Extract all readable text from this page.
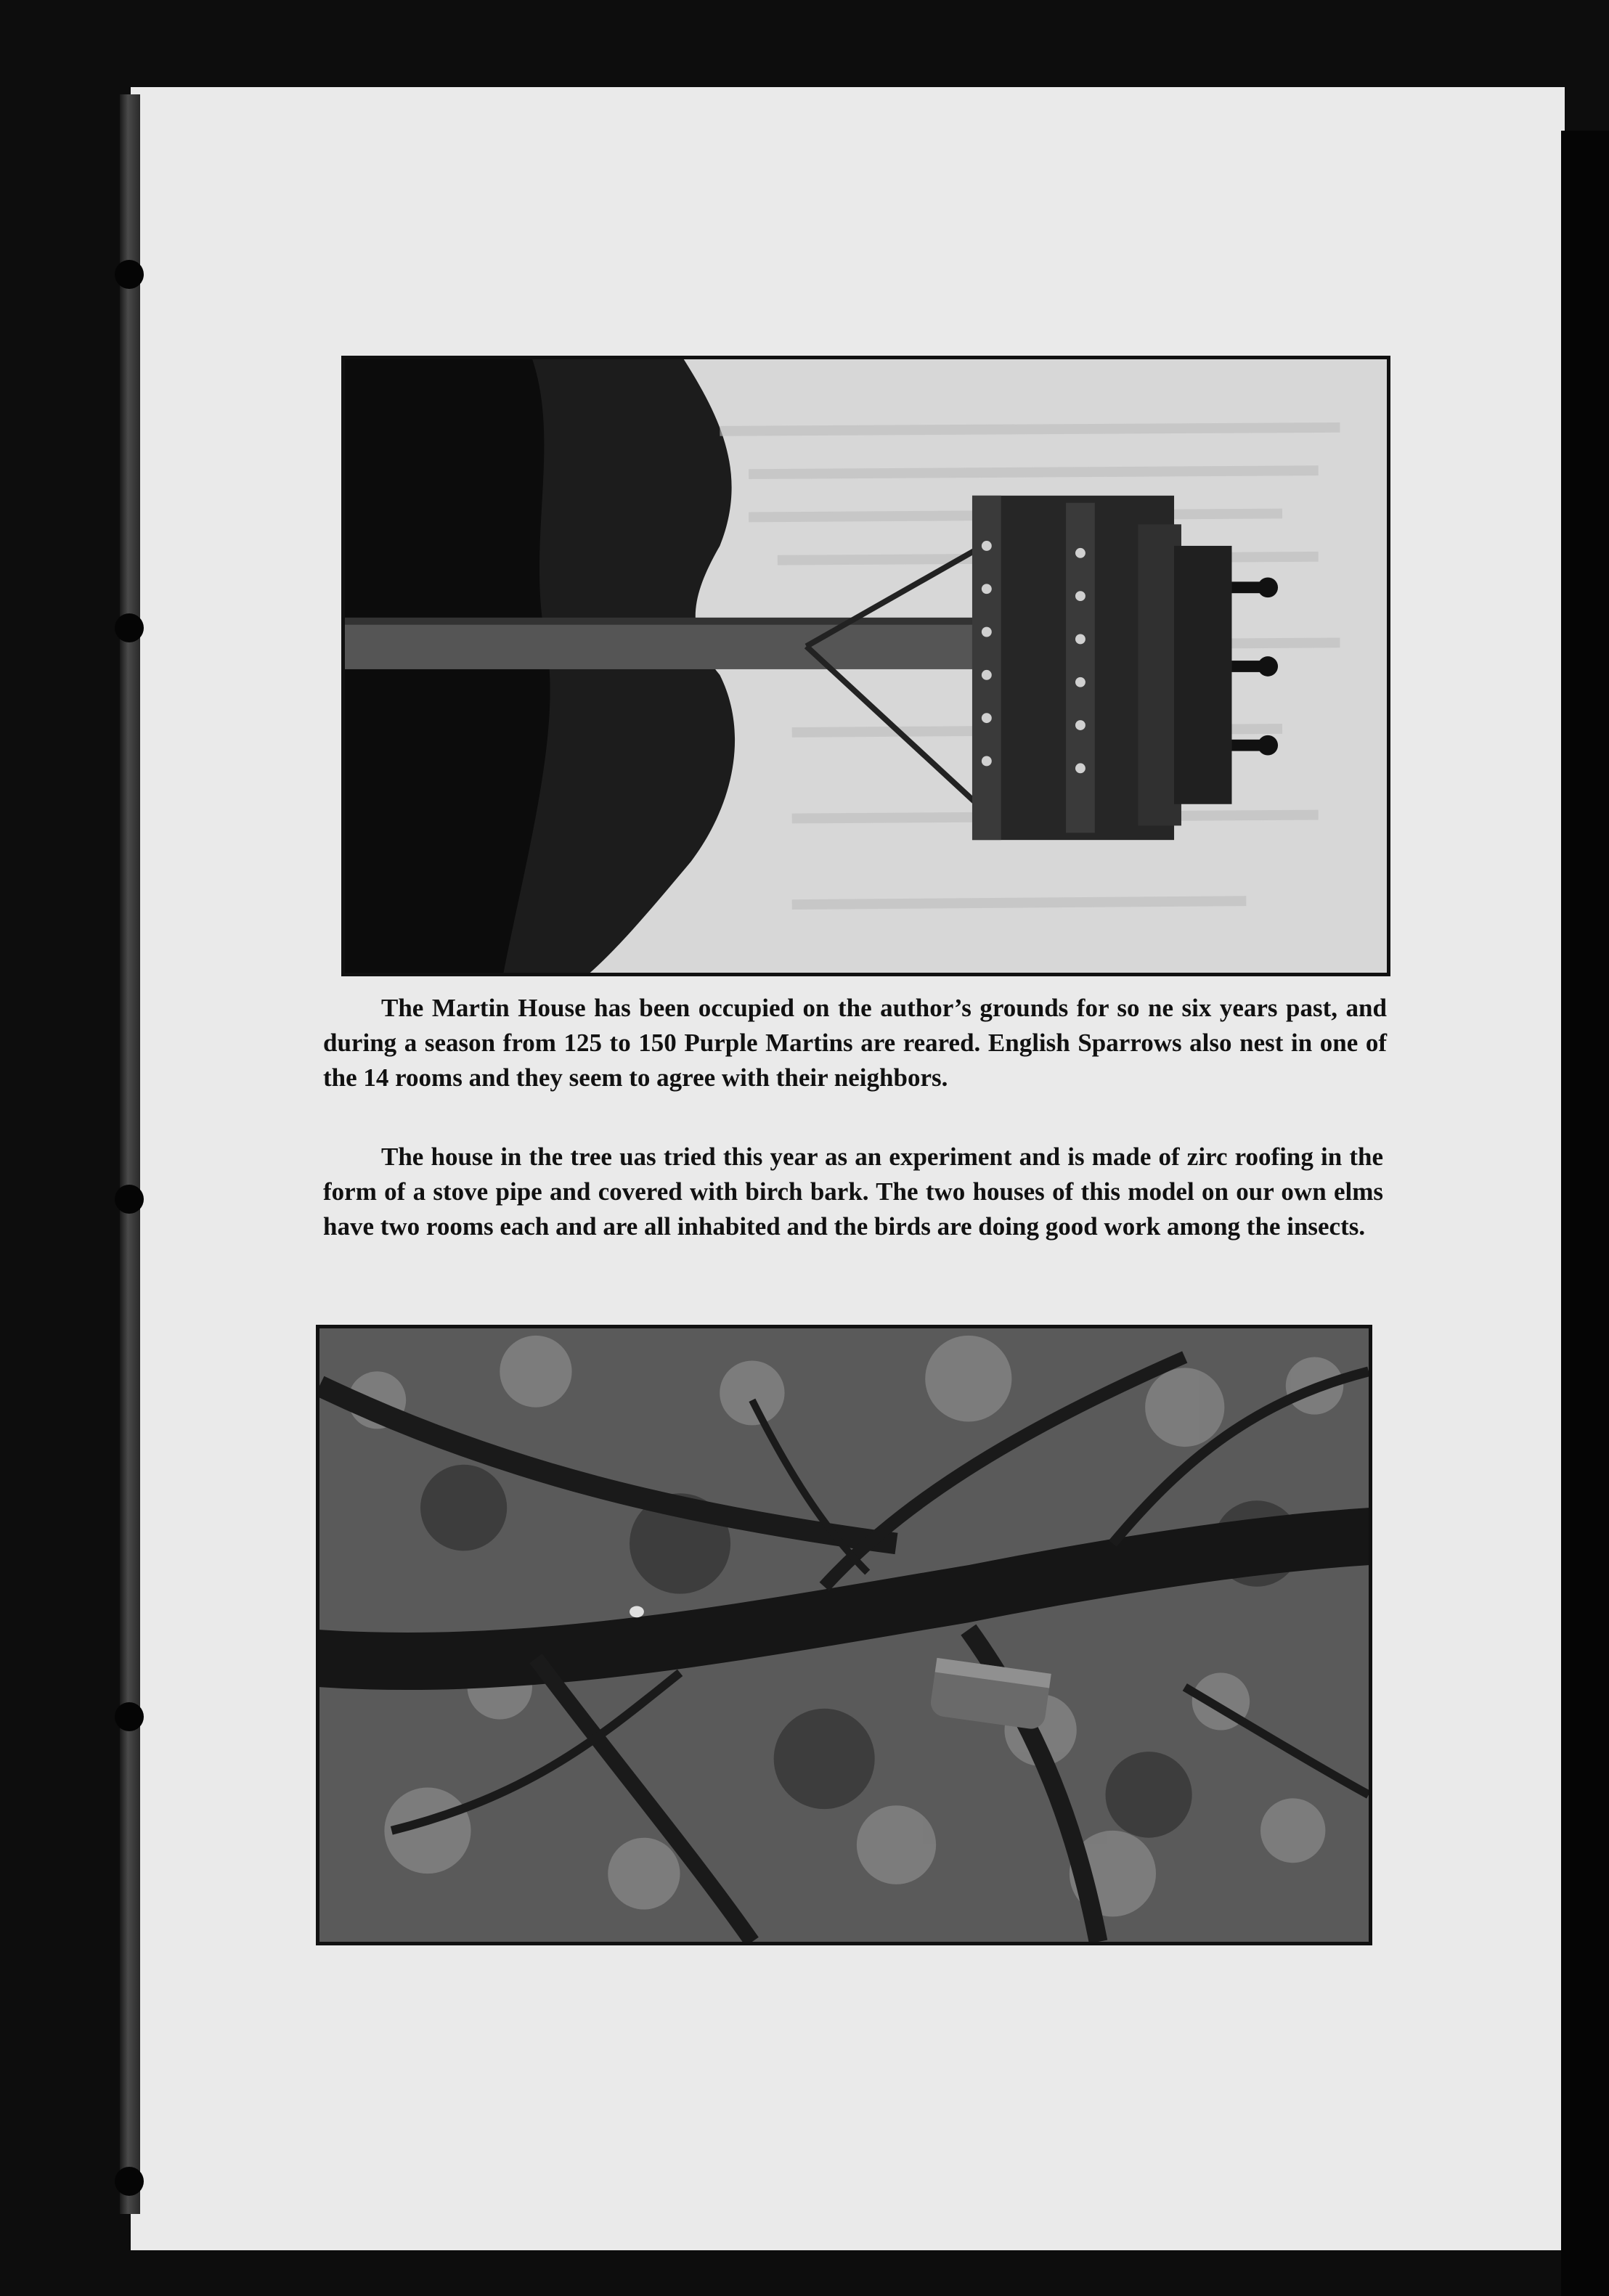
The Martin House has been occupied on the author’s grounds for so ne six years past, and during a season from 125 to 150 Purple Martins are reared. English Sparrows also nest in one of the 14 rooms and they seem to agree with their neighbors.

The house in the tree uas tried this year as an experiment and is made of zirc roofing in the form of a stove pipe and covered with birch bark. The two houses of this model on our own elms have two rooms each and are all inhabited and the birds are doing good work among the insects.
